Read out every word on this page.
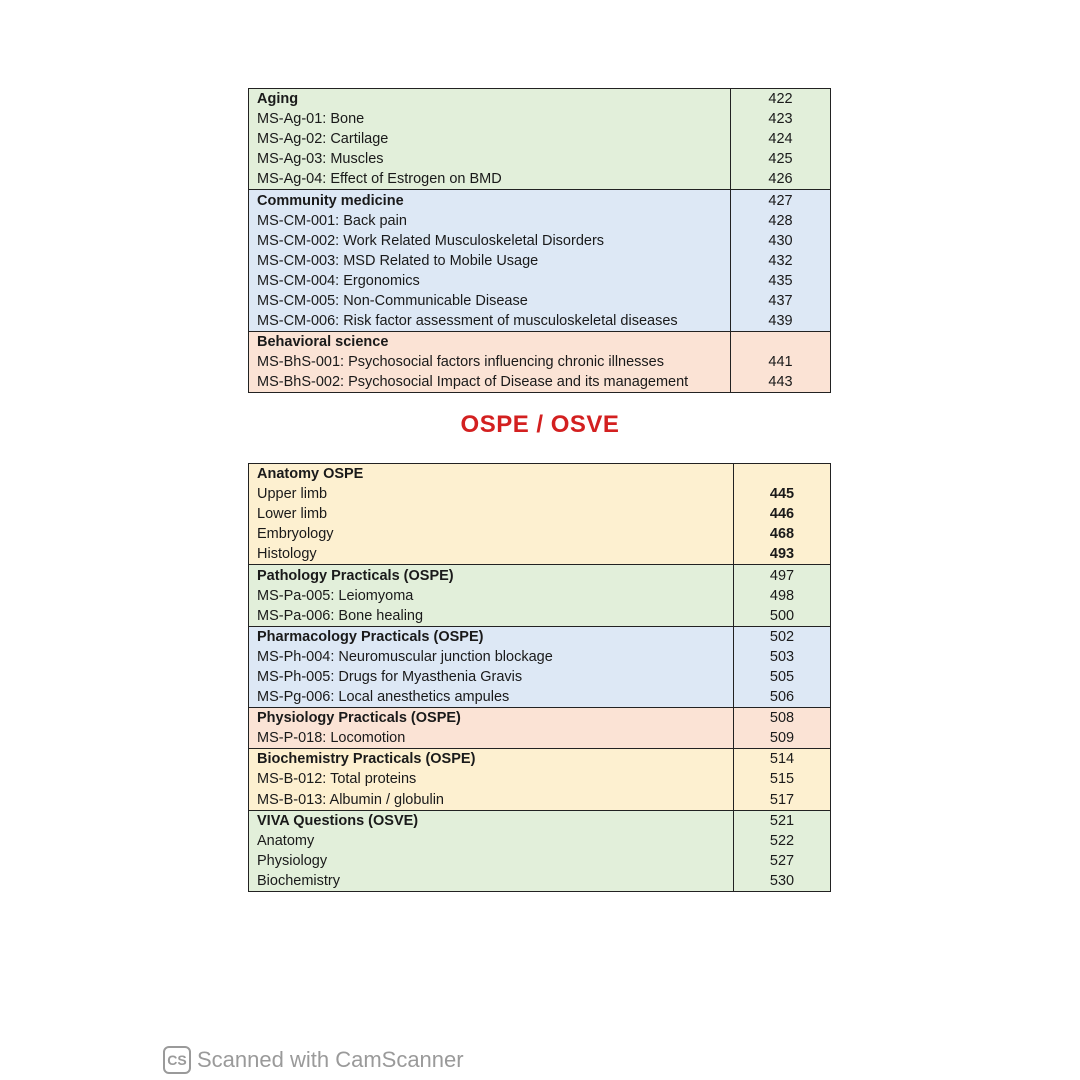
Aging	422
MS-Ag-01: Bone	423
MS-Ag-02: Cartilage	424
MS-Ag-03: Muscles	425
MS-Ag-04: Effect of Estrogen on BMD	426
Community medicine	427
MS-CM-001: Back pain	428
MS-CM-002: Work Related Musculoskeletal Disorders	430
MS-CM-003: MSD Related to Mobile Usage	432
MS-CM-004: Ergonomics	435
MS-CM-005: Non-Communicable Disease	437
MS-CM-006: Risk factor assessment of musculoskeletal diseases	439
Behavioral science	
MS-BhS-001: Psychosocial factors influencing chronic illnesses	441
MS-BhS-002: Psychosocial Impact of Disease and its management	443
OSPE / OSVE
Anatomy OSPE	
Upper limb	445
Lower limb	446
Embryology	468
Histology	493
Pathology Practicals (OSPE)	497
MS-Pa-005: Leiomyoma	498
MS-Pa-006: Bone healing	500
Pharmacology Practicals (OSPE)	502
MS-Ph-004: Neuromuscular junction blockage	503
MS-Ph-005: Drugs for Myasthenia Gravis	505
MS-Pg-006: Local anesthetics ampules	506
Physiology Practicals (OSPE)	508
MS-P-018: Locomotion	509
Biochemistry Practicals (OSPE)	514
MS-B-012: Total proteins	515
MS-B-013: Albumin / globulin	517
VIVA Questions (OSVE)	521
Anatomy	522
Physiology	527
Biochemistry	530
CS Scanned with CamScanner
